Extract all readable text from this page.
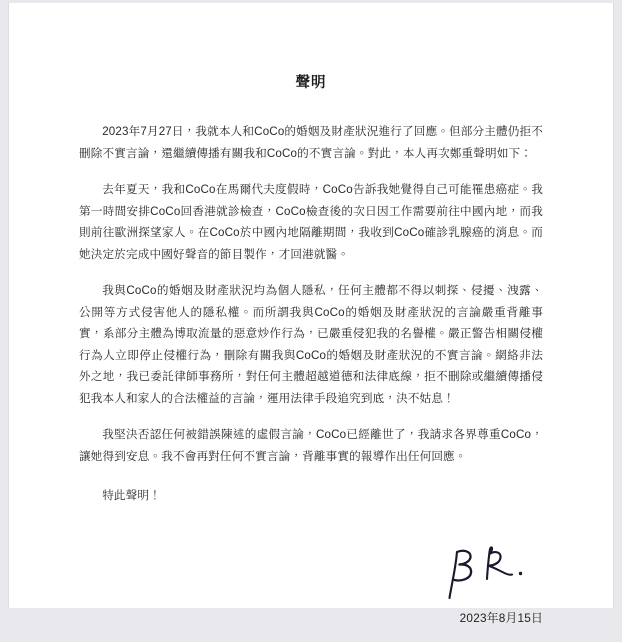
聲明

2023年7月27日，我就本人和CoCo的婚姻及財產狀況進行了回應。但部分主體仍拒不刪除不實言論，還繼續傳播有關我和CoCo的不實言論。對此，本人再次鄭重聲明如下：

去年夏天，我和CoCo在馬爾代夫度假時，CoCo告訴我她覺得自己可能罹患癌症。我第一時間安排CoCo回香港就診檢查，CoCo檢查後的次日因工作需要前往中國內地，而我則前往歐洲探望家人。在CoCo於中國內地隔離期間，我收到CoCo確診乳腺癌的消息。而她決定於完成中國好聲音的節目製作，才回港就醫。

我與CoCo的婚姻及財產狀況均為個人隱私，任何主體都不得以刺探、侵擾、洩露、公開等方式侵害他人的隱私權。而所謂我與CoCo的婚姻及財產狀況的言論嚴重背離事實，系部分主體為博取流量的惡意炒作行為，已嚴重侵犯我的名譽權。嚴正警告相關侵權行為人立即停止侵權行為，刪除有關我與CoCo的婚姻及財產狀況的不實言論。網絡非法外之地，我已委託律師事務所，對任何主體超越道德和法律底線，拒不刪除或繼續傳播侵犯我本人和家人的合法權益的言論，運用法律手段追究到底，決不姑息！

我堅決否認任何被錯誤陳述的虛假言論，CoCo已經離世了，我請求各界尊重CoCo，讓她得到安息。我不會再對任何不實言論，背離事實的報導作出任何回應。

特此聲明！

2023年8月15日
